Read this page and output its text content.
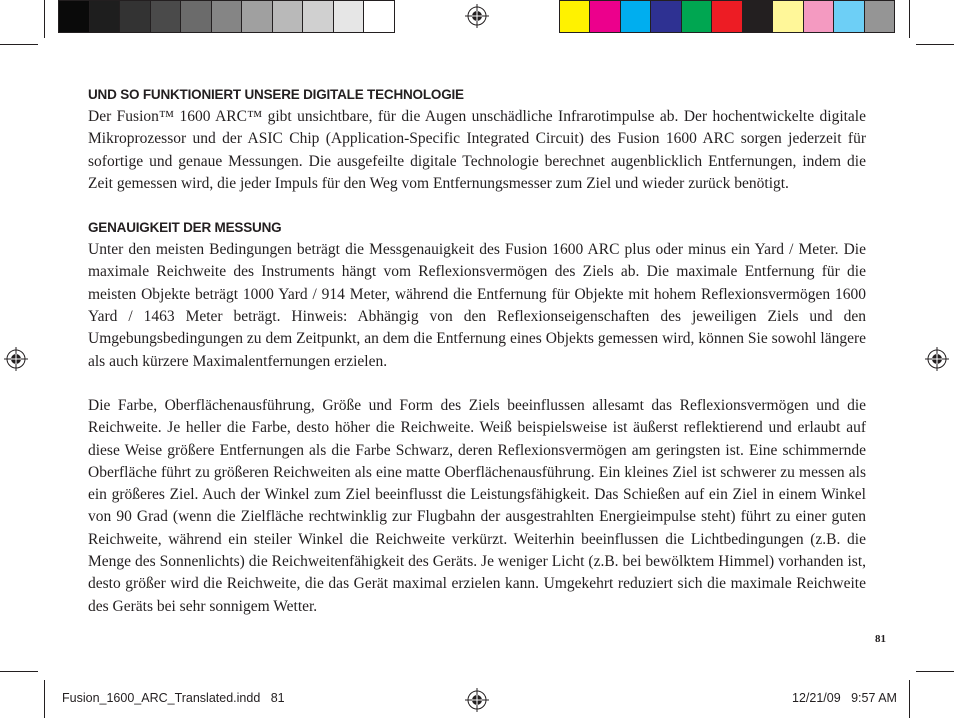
UND SO FUNKTIONIERT UNSERE DIGITALE TECHNOLOGIE

Der Fusion™ 1600 ARC™ gibt unsichtbare, für die Augen unschädliche Infrarotimpulse ab. Der hochentwickelte digitale Mikroprozessor und der ASIC Chip (Application-Specific Integrated Circuit) des Fusion 1600 ARC sorgen jederzeit für sofortige und genaue Messungen. Die ausgefeilte digitale Technologie berechnet augenblicklich Entfernungen, indem die Zeit gemessen wird, die jeder Impuls für den Weg vom Entfernungsmesser zum Ziel und wieder zurück benötigt.

GENAUIGKEIT DER MESSUNG

Unter den meisten Bedingungen beträgt die Messgenauigkeit des Fusion 1600 ARC plus oder minus ein Yard / Meter. Die maximale Reichweite des Instruments hängt vom Reflexionsvermögen des Ziels ab. Die maximale Entfernung für die meisten Objekte beträgt 1000 Yard / 914 Meter, während die Entfernung für Objekte mit hohem Reflexionsvermögen 1600 Yard / 1463 Meter beträgt. Hinweis: Abhängig von den Reflexionseigenschaften des jeweiligen Ziels und den Umgebungsbedingungen zu dem Zeitpunkt, an dem die Entfernung eines Objekts gemessen wird, können Sie sowohl längere als auch kürzere Maximalentfernungen erzielen.

Die Farbe, Oberflächenausführung, Größe und Form des Ziels beeinflussen allesamt das Reflexionsvermögen und die Reichweite. Je heller die Farbe, desto höher die Reichweite. Weiß beispielsweise ist äußerst reflektierend und erlaubt auf diese Weise größere Entfernungen als die Farbe Schwarz, deren Reflexionsvermögen am geringsten ist. Eine schimmernde Oberfläche führt zu größeren Reichweiten als eine matte Oberflächenausführung. Ein kleines Ziel ist schwerer zu messen als ein größeres Ziel. Auch der Winkel zum Ziel beeinflusst die Leistungsfähigkeit. Das Schießen auf ein Ziel in einem Winkel von 90 Grad (wenn die Zielfläche rechtwinklig zur Flugbahn der ausgestrahlten Energieimpulse steht) führt zu einer guten Reichweite, während ein steiler Winkel die Reichweite verkürzt. Weiterhin beeinflussen die Lichtbedingungen (z.B. die Menge des Sonnenlichts) die Reichweitenfähigkeit des Geräts. Je weniger Licht (z.B. bei bewölktem Himmel) vorhanden ist, desto größer wird die Reichweite, die das Gerät maximal erzielen kann. Umgekehrt reduziert sich die maximale Reichweite des Geräts bei sehr sonnigem Wetter.

81
Fusion_1600_ARC_Translated.indd   81	12/21/09   9:57 AM
